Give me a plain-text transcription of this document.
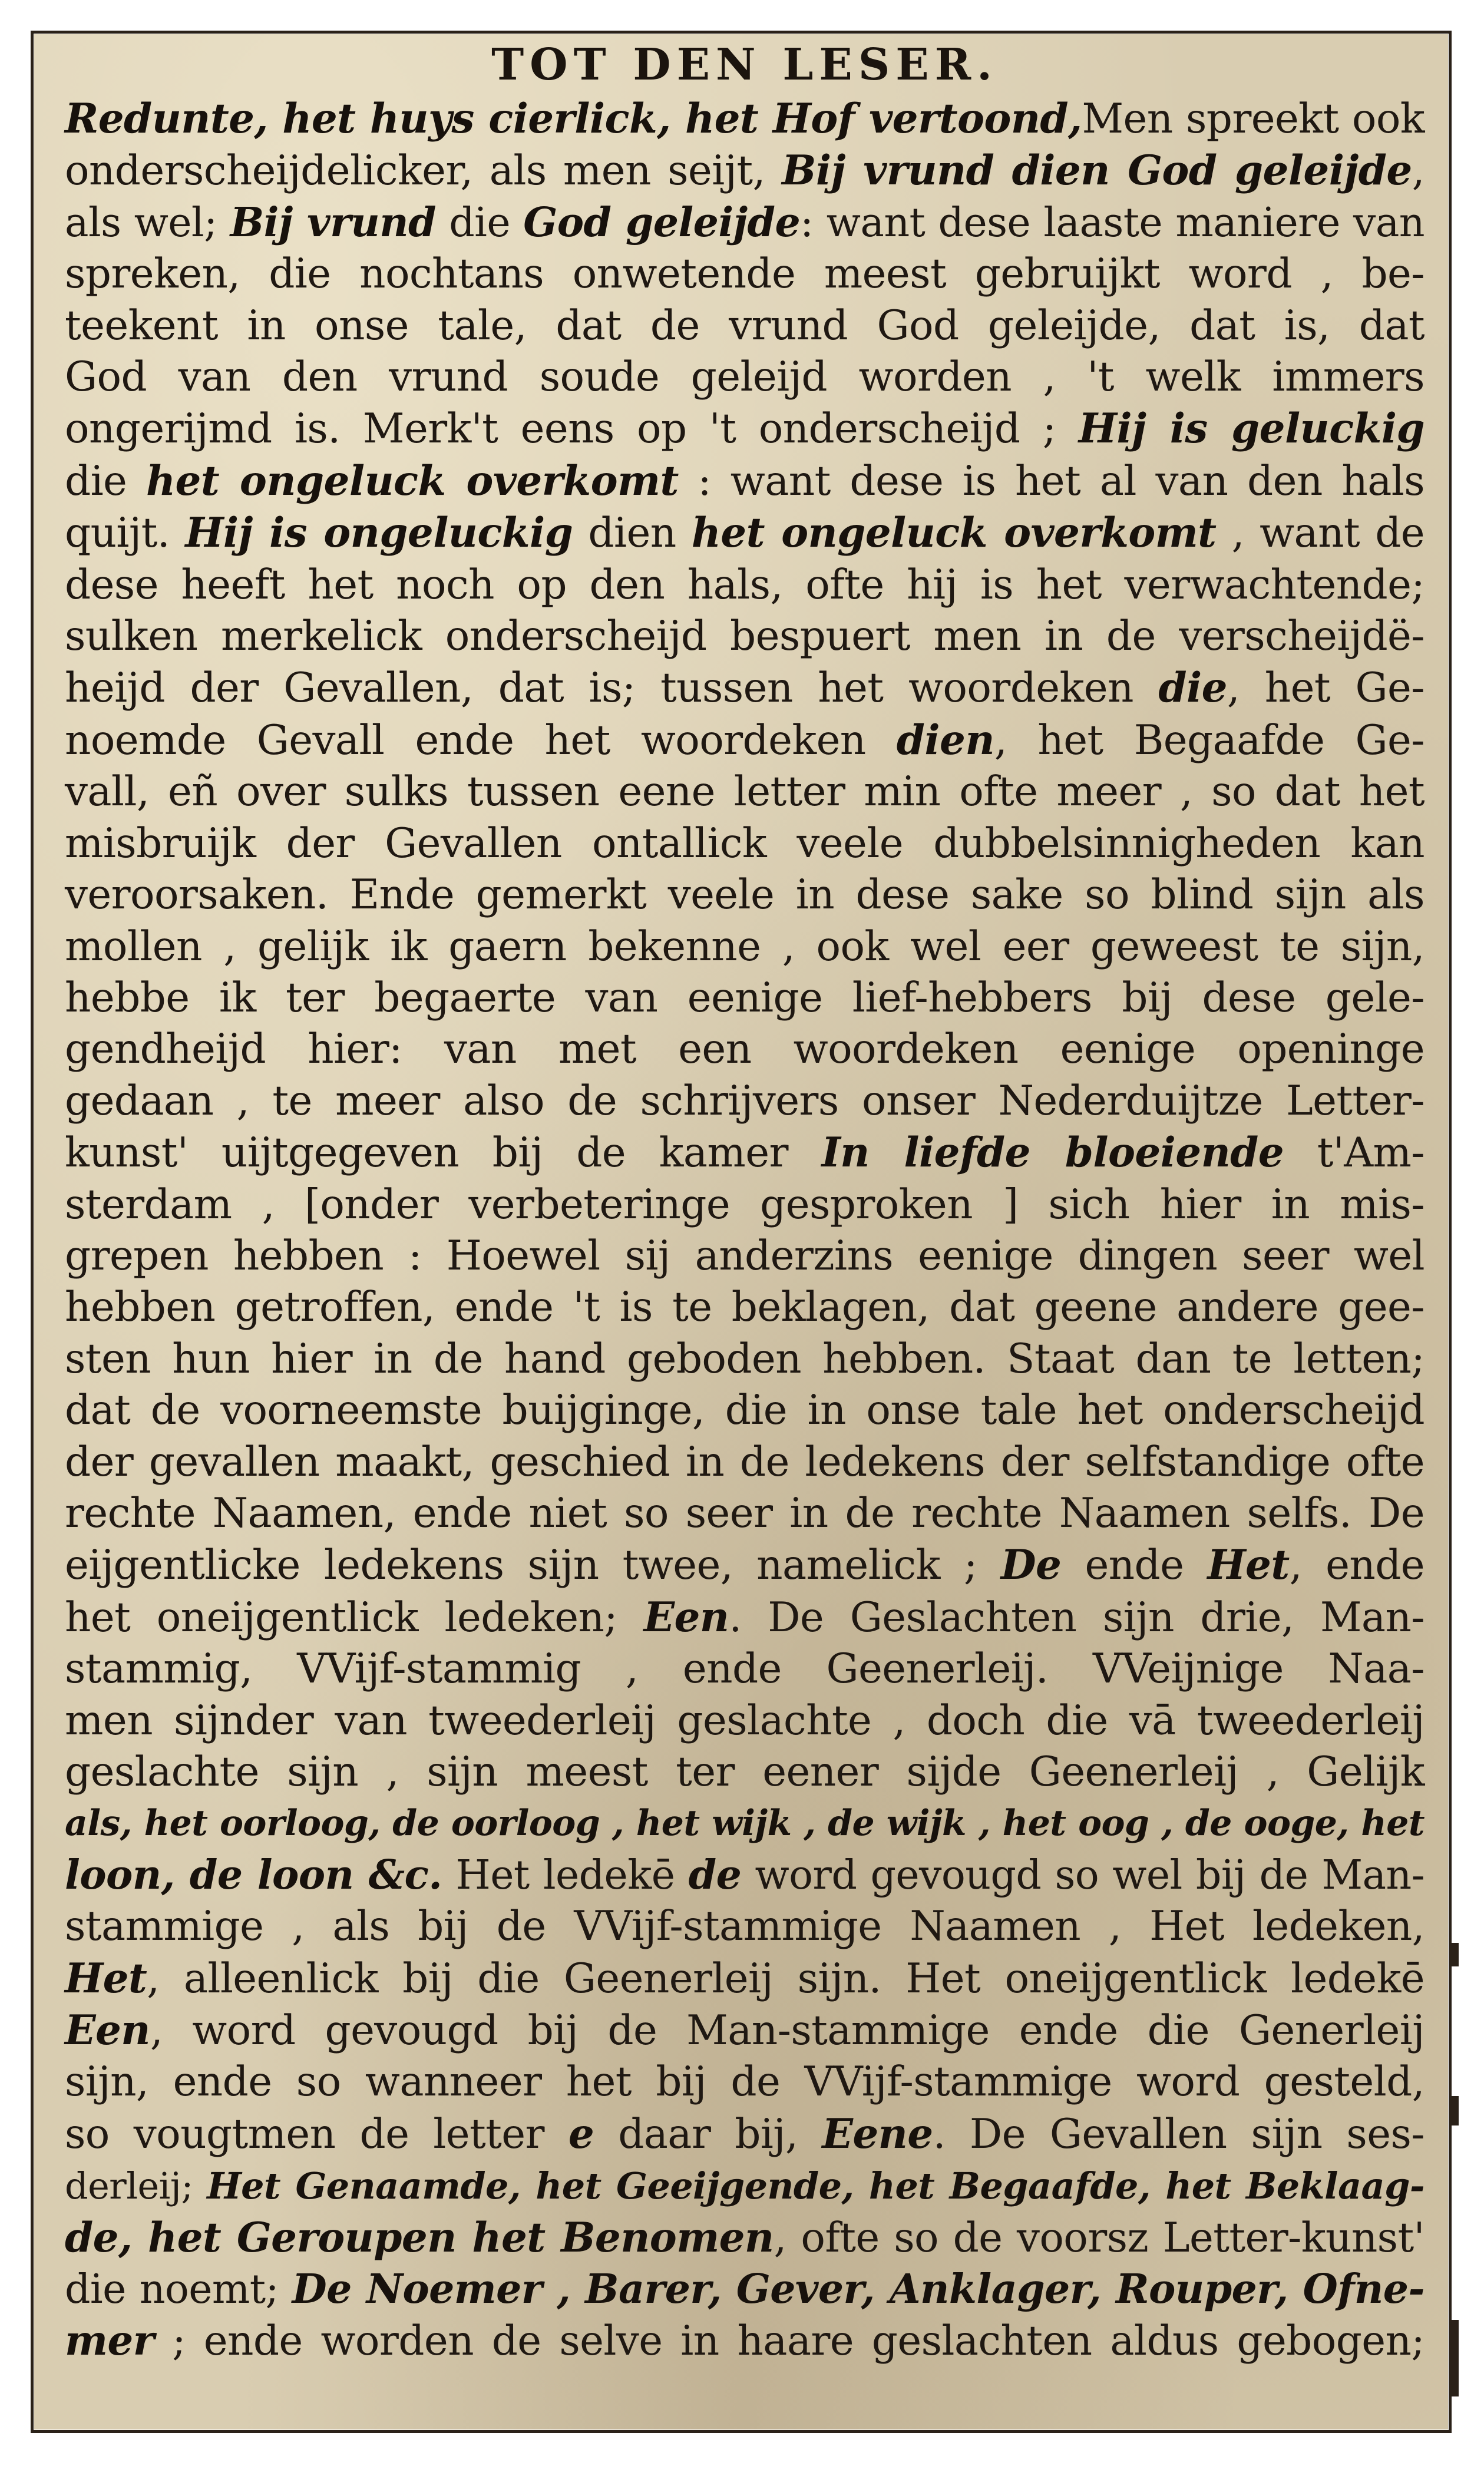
TOT DEN LESER.
Redunte, het huys cierlick, het Hof vertoond,Men spreekt ook
onderscheijdelicker, als men seijt, Bij vrund dien God geleijde,
als wel; Bij vrund die God geleijde: want dese laaste maniere van
spreken, die nochtans onwetende meest gebruijkt word , be-
teekent in onse tale, dat de vrund God geleijde, dat is, dat
God van den vrund soude geleijd worden , 't welk immers
ongerijmd is. Merk't eens op 't onderscheijd ; Hij is geluckig
die het ongeluck overkomt : want dese is het al van den hals
quijt. Hij is ongeluckig dien het ongeluck overkomt , want de
dese heeft het noch op den hals, ofte hij is het verwachtende;
sulken merkelick onderscheijd bespuert men in de verscheijdë-
heijd der Gevallen, dat is; tussen het woordeken die, het Ge-
noemde Gevall ende het woordeken dien, het Begaafde Ge-
vall, eñ over sulks tussen eene letter min ofte meer , so dat het
misbruijk der Gevallen ontallick veele dubbelsinnigheden kan
veroorsaken. Ende gemerkt veele in dese sake so blind sijn als
mollen , gelijk ik gaern bekenne , ook wel eer geweest te sijn,
hebbe ik ter begaerte van eenige lief-hebbers bij dese gele-
gendheijd hier: van met een woordeken eenige openinge
gedaan , te meer also de schrijvers onser Nederduijtze Letter-
kunst' uijtgegeven bij de kamer In liefde bloeiende t'Am-
sterdam , [onder verbeteringe gesproken ] sich hier in mis-
grepen hebben : Hoewel sij anderzins eenige dingen seer wel
hebben getroffen, ende 't is te beklagen, dat geene andere gee-
sten hun hier in de hand geboden hebben. Staat dan te letten;
dat de voorneemste buijginge, die in onse tale het onderscheijd
der gevallen maakt, geschied in de ledekens der selfstandige ofte
rechte Naamen, ende niet so seer in de rechte Naamen selfs. De
eijgentlicke ledekens sijn twee, namelick ; De ende Het, ende
het oneijgentlick ledeken; Een. De Geslachten sijn drie, Man-
stammig, VVijf-stammig , ende Geenerleij. VVeijnige Naa-
men sijnder van tweederleij geslachte , doch die vā tweederleij
geslachte sijn , sijn meest ter eener sijde Geenerleij , Gelijk
als, het oorloog, de oorloog , het wijk , de wijk , het oog , de ooge, het
loon, de loon &c. Het ledekē de word gevougd so wel bij de Man-
stammige , als bij de VVijf-stammige Naamen , Het ledeken,
Het, alleenlick bij die Geenerleij sijn. Het oneijgentlick ledekē
Een, word gevougd bij de Man-stammige ende die Generleij
sijn, ende so wanneer het bij de VVijf-stammige word gesteld,
so vougtmen de letter e daar bij, Eene. De Gevallen sijn ses-
derleij; Het Genaamde, het Geeijgende, het Begaafde, het Beklaag-
de, het Geroupen het Benomen, ofte so de voorsz Letter-kunst'
die noemt; De Noemer , Barer, Gever, Anklager, Rouper, Ofne-
mer ; ende worden de selve in haare geslachten aldus gebogen;
